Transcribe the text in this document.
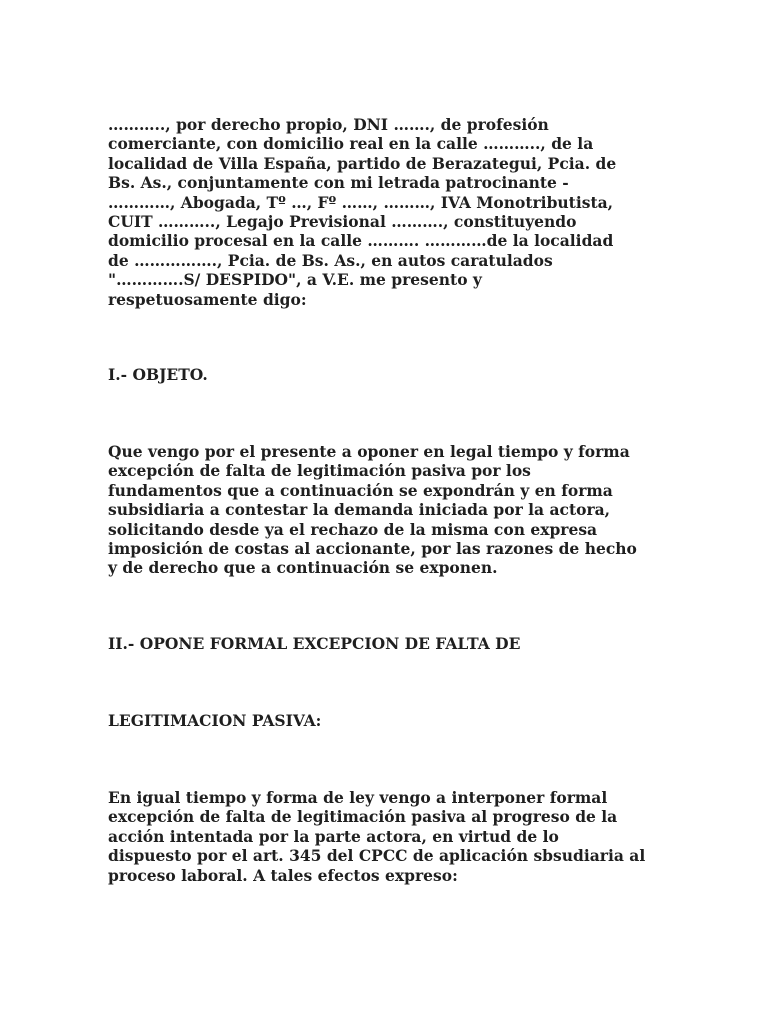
……….., por derecho propio, DNI ……., de profesión
comerciante, con domicilio real en la calle ……….., de la
localidad de Villa España, partido de Berazategui, Pcia. de
Bs. As., conjuntamente con mi letrada patrocinante -
…………, Abogada, Tº …, Fº ……, ………, IVA Monotributista,
CUIT ……….., Legajo Previsional ………., constituyendo
domicilio procesal en la calle ………. …………de la localidad
de ……………., Pcia. de Bs. As., en autos caratulados
"………….S/ DESPIDO", a V.E. me presento y
respetuosamente digo:

I.- OBJETO.

Que vengo por el presente a oponer en legal tiempo y forma
excepción de falta de legitimación pasiva por los
fundamentos que a continuación se expondrán y en forma
subsidiaria a contestar la demanda iniciada por la actora,
solicitando desde ya el rechazo de la misma con expresa
imposición de costas al accionante, por las razones de hecho
y de derecho que a continuación se exponen.

II.- OPONE FORMAL EXCEPCION DE FALTA DE

LEGITIMACION PASIVA:

En igual tiempo y forma de ley vengo a interponer formal
excepción de falta de legitimación pasiva al progreso de la
acción intentada por la parte actora, en virtud de lo
dispuesto por el art. 345 del CPCC de aplicación sbsudiaria al
proceso laboral. A tales efectos expreso:
